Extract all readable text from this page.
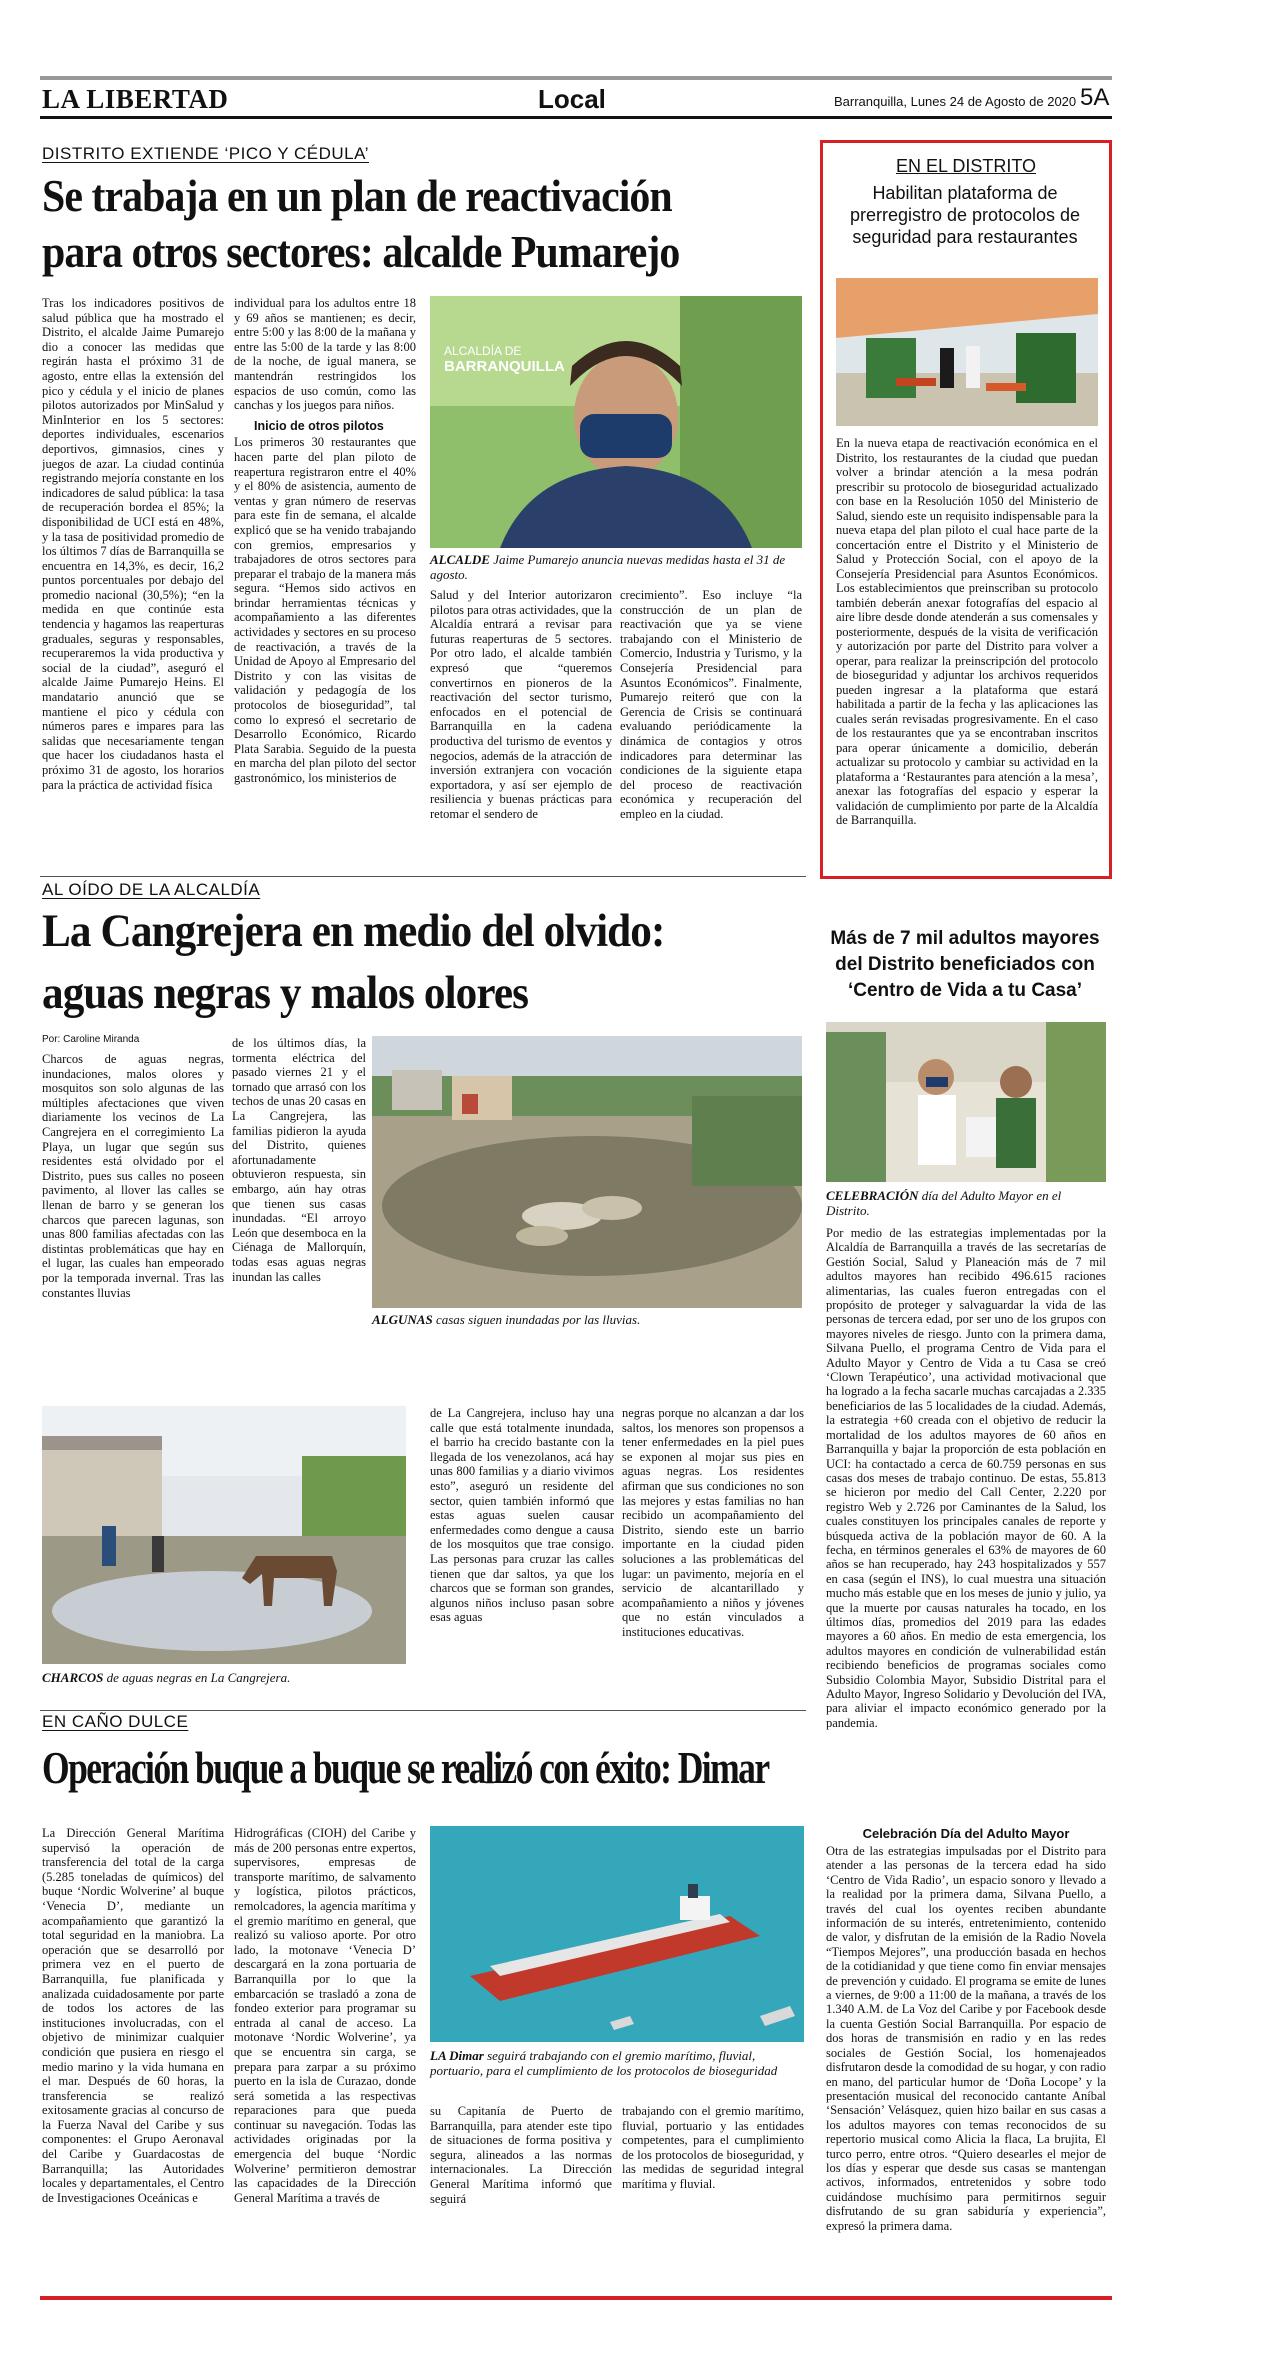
LA LIBERTAD	Local	Barranquilla, Lunes 24 de Agosto de 2020 5A
DISTRITO EXTIENDE ‘PICO Y CÉDULA’
Se trabaja en un plan de reactivación
para otros sectores: alcalde Pumarejo

Tras los indicadores positivos de salud pública que ha mostrado el Distrito, el alcalde Jaime Pumarejo dio a conocer las medidas que regirán hasta el próximo 31 de agosto, entre ellas la extensión del pico y cédula y el inicio de planes pilotos autorizados por MinSalud y MinInterior en los 5 sectores: deportes individuales, escenarios deportivos, gimnasios, cines y juegos de azar. La ciudad continúa registrando mejoría constante en los indicadores de salud pública: la tasa de recuperación bordea el 85%; la disponibilidad de UCI está en 48%, y la tasa de positividad promedio de los últimos 7 días de Barranquilla se encuentra en 14,3%, es decir, 16,2 puntos porcentuales por debajo del promedio nacional (30,5%); “en la medida en que continúe esta tendencia y hagamos las reaperturas graduales, seguras y responsables, recuperaremos la vida productiva y social de la ciudad”, aseguró el alcalde Jaime Pumarejo Heins. El mandatario anunció que se mantiene el pico y cédula con números pares e impares para las salidas que necesariamente tengan que hacer los ciudadanos hasta el próximo 31 de agosto, los horarios para la práctica de actividad física

individual para los adultos entre 18 y 69 años se mantienen; es decir, entre 5:00 y las 8:00 de la mañana y entre las 5:00 de la tarde y las 8:00 de la noche, de igual manera, se mantendrán restringidos los espacios de uso común, como las canchas y los juegos para niños.

Inicio de otros pilotos

Los primeros 30 restaurantes que hacen parte del plan piloto de reapertura registraron entre el 40% y el 80% de asistencia, aumento de ventas y gran número de reservas para este fin de semana, el alcalde explicó que se ha venido trabajando con gremios, empresarios y trabajadores de otros sectores para preparar el trabajo de la manera más segura. “Hemos sido activos en brindar herramientas técnicas y acompañamiento a las diferentes actividades y sectores en su proceso de reactivación, a través de la Unidad de Apoyo al Empresario del Distrito y con las visitas de validación y pedagogía de los protocolos de bioseguridad”, tal como lo expresó el secretario de Desarrollo Económico, Ricardo Plata Sarabia. Seguido de la puesta en marcha del plan piloto del sector gastronómico, los ministerios de

ALCALDÍA DE
BARRANQUILLA
ALCALDE Jaime Pumarejo anuncia nuevas medidas hasta el 31 de agosto.

Salud y del Interior autorizaron pilotos para otras actividades, que la Alcaldía entrará a revisar para futuras reaperturas de 5 sectores. Por otro lado, el alcalde también expresó que “queremos convertirnos en pioneros de la reactivación del sector turismo, enfocados en el potencial de Barranquilla en la cadena productiva del turismo de eventos y negocios, además de la atracción de inversión extranjera con vocación exportadora, y así ser ejemplo de resiliencia y buenas prácticas para retomar el sendero de

crecimiento”. Eso incluye “la construcción de un plan de reactivación que ya se viene trabajando con el Ministerio de Comercio, Industria y Turismo, y la Consejería Presidencial para Asuntos Económicos”. Finalmente, Pumarejo reiteró que con la Gerencia de Crisis se continuará evaluando periódicamente la dinámica de contagios y otros indicadores para determinar las condiciones de la siguiente etapa del proceso de reactivación económica y recuperación del empleo en la ciudad.

EN EL DISTRITO
Habilitan plataforma de prerregistro de protocolos de seguridad para restaurantes

En la nueva etapa de reactivación económica en el Distrito, los restaurantes de la ciudad que puedan volver a brindar atención a la mesa podrán prescribir su protocolo de bioseguridad actualizado con base en la Resolución 1050 del Ministerio de Salud, siendo este un requisito indispensable para la nueva etapa del plan piloto el cual hace parte de la concertación entre el Distrito y el Ministerio de Salud y Protección Social, con el apoyo de la Consejería Presidencial para Asuntos Económicos. Los establecimientos que preinscriban su protocolo también deberán anexar fotografías del espacio al aire libre desde donde atenderán a sus comensales y posteriormente, después de la visita de verificación y autorización por parte del Distrito para volver a operar, para realizar la preinscripción del protocolo de bioseguridad y adjuntar los archivos requeridos pueden ingresar a la plataforma que estará habilitada a partir de la fecha y las aplicaciones las cuales serán revisadas progresivamente. En el caso de los restaurantes que ya se encontraban inscritos para operar únicamente a domicilio, deberán actualizar su protocolo y cambiar su actividad en la plataforma a ‘Restaurantes para atención a la mesa’, anexar las fotografías del espacio y esperar la validación de cumplimiento por parte de la Alcaldía de Barranquilla.

AL OÍDO DE LA ALCALDÍA
La Cangrejera en medio del olvido:
aguas negras y malos olores
Por: Caroline Miranda

Charcos de aguas negras, inundaciones, malos olores y mosquitos son solo algunas de las múltiples afectaciones que viven diariamente los vecinos de La Cangrejera en el corregimiento La Playa, un lugar que según sus residentes está olvidado por el Distrito, pues sus calles no poseen pavimento, al llover las calles se llenan de barro y se generan los charcos que parecen lagunas, son unas 800 familias afectadas con las distintas problemáticas que hay en el lugar, las cuales han empeorado por la temporada invernal. Tras las constantes lluvias

de los últimos días, la tormenta eléctrica del pasado viernes 21 y el tornado que arrasó con los techos de unas 20 casas en La Cangrejera, las familias pidieron la ayuda del Distrito, quienes afortunadamente obtuvieron respuesta, sin embargo, aún hay otras que tienen sus casas inundadas. “El arroyo León que desemboca en la Ciénaga de Mallorquín, todas esas aguas negras inundan las calles

ALGUNAS casas siguen inundadas por las lluvias.
CHARCOS de aguas negras en La Cangrejera.

de La Cangrejera, incluso hay una calle que está totalmente inundada, el barrio ha crecido bastante con la llegada de los venezolanos, acá hay unas 800 familias y a diario vivimos esto”, aseguró un residente del sector, quien también informó que estas aguas suelen causar enfermedades como dengue a causa de los mosquitos que trae consigo. Las personas para cruzar las calles tienen que dar saltos, ya que los charcos que se forman son grandes, algunos niños incluso pasan sobre esas aguas

negras porque no alcanzan a dar los saltos, los menores son propensos a tener enfermedades en la piel pues se exponen al mojar sus pies en aguas negras. Los residentes afirman que sus condiciones no son las mejores y estas familias no han recibido un acompañamiento del Distrito, siendo este un barrio importante en la ciudad piden soluciones a las problemáticas del lugar: un pavimento, mejoría en el servicio de alcantarillado y acompañamiento a niños y jóvenes que no están vinculados a instituciones educativas.

Más de 7 mil adultos mayores del Distrito beneficiados con ‘Centro de Vida a tu Casa’
CELEBRACIÓN día del Adulto Mayor en el Distrito.

Por medio de las estrategias implementadas por la Alcaldía de Barranquilla a través de las secretarías de Gestión Social, Salud y Planeación más de 7 mil adultos mayores han recibido 496.615 raciones alimentarias, las cuales fueron entregadas con el propósito de proteger y salvaguardar la vida de las personas de tercera edad, por ser uno de los grupos con mayores niveles de riesgo. Junto con la primera dama, Silvana Puello, el programa Centro de Vida para el Adulto Mayor y Centro de Vida a tu Casa se creó ‘Clown Terapéutico’, una actividad motivacional que ha logrado a la fecha sacarle muchas carcajadas a 2.335 beneficiarios de las 5 localidades de la ciudad. Además, la estrategia +60 creada con el objetivo de reducir la mortalidad de los adultos mayores de 60 años en Barranquilla y bajar la proporción de esta población en UCI: ha contactado a cerca de 60.759 personas en sus casas dos meses de trabajo continuo. De estas, 55.813 se hicieron por medio del Call Center, 2.220 por registro Web y 2.726 por Caminantes de la Salud, los cuales constituyen los principales canales de reporte y búsqueda activa de la población mayor de 60. A la fecha, en términos generales el 63% de mayores de 60 años se han recuperado, hay 243 hospitalizados y 557 en casa (según el INS), lo cual muestra una situación mucho más estable que en los meses de junio y julio, ya que la muerte por causas naturales ha tocado, en los últimos días, promedios del 2019 para las edades mayores a 60 años. En medio de esta emergencia, los adultos mayores en condición de vulnerabilidad están recibiendo beneficios de programas sociales como Subsidio Colombia Mayor, Subsidio Distrital para el Adulto Mayor, Ingreso Solidario y Devolución del IVA, para aliviar el impacto económico generado por la pandemia.

Celebración Día del Adulto Mayor

Otra de las estrategias impulsadas por el Distrito para atender a las personas de la tercera edad ha sido ‘Centro de Vida Radio’, un espacio sonoro y llevado a la realidad por la primera dama, Silvana Puello, a través del cual los oyentes reciben abundante información de su interés, entretenimiento, contenido de valor, y disfrutan de la emisión de la Radio Novela “Tiempos Mejores”, una producción basada en hechos de la cotidianidad y que tiene como fin enviar mensajes de prevención y cuidado. El programa se emite de lunes a viernes, de 9:00 a 11:00 de la mañana, a través de los 1.340 A.M. de La Voz del Caribe y por Facebook desde la cuenta Gestión Social Barranquilla. Por espacio de dos horas de transmisión en radio y en las redes sociales de Gestión Social, los homenajeados disfrutaron desde la comodidad de su hogar, y con radio en mano, del particular humor de ‘Doña Locope’ y la presentación musical del reconocido cantante Aníbal ‘Sensación’ Velásquez, quien hizo bailar en sus casas a los adultos mayores con temas reconocidos de su repertorio musical como Alicia la flaca, La brujita, El turco perro, entre otros. “Quiero desearles el mejor de los días y esperar que desde sus casas se mantengan activos, informados, entretenidos y sobre todo cuidándose muchísimo para permitirnos seguir disfrutando de su gran sabiduría y experiencia”, expresó la primera dama.

EN CAÑO DULCE
Operación buque a buque se realizó con éxito: Dimar

La Dirección General Marítima supervisó la operación de transferencia del total de la carga (5.285 toneladas de químicos) del buque ‘Nordic Wolverine’ al buque ‘Venecia D’, mediante un acompañamiento que garantizó la total seguridad en la maniobra. La operación que se desarrolló por primera vez en el puerto de Barranquilla, fue planificada y analizada cuidadosamente por parte de todos los actores de las instituciones involucradas, con el objetivo de minimizar cualquier condición que pusiera en riesgo el medio marino y la vida humana en el mar. Después de 60 horas, la transferencia se realizó exitosamente gracias al concurso de la Fuerza Naval del Caribe y sus componentes: el Grupo Aeronaval del Caribe y Guardacostas de Barranquilla; las Autoridades locales y departamentales, el Centro de Investigaciones Oceánicas e

Hidrográficas (CIOH) del Caribe y más de 200 personas entre expertos, supervisores, empresas de transporte marítimo, de salvamento y logística, pilotos prácticos, remolcadores, la agencia marítima y el gremio marítimo en general, que realizó su valioso aporte. Por otro lado, la motonave ‘Venecia D’ descargará en la zona portuaria de Barranquilla por lo que la embarcación se trasladó a zona de fondeo exterior para programar su entrada al canal de acceso. La motonave ‘Nordic Wolverine’, ya que se encuentra sin carga, se prepara para zarpar a su próximo puerto en la isla de Curazao, donde será sometida a las respectivas reparaciones para que pueda continuar su navegación. Todas las actividades originadas por la emergencia del buque ‘Nordic Wolverine’ permitieron demostrar las capacidades de la Dirección General Marítima a través de

LA Dimar seguirá trabajando con el gremio marítimo, fluvial, portuario, para el cumplimiento de los protocolos de bioseguridad

su Capitanía de Puerto de Barranquilla, para atender este tipo de situaciones de forma positiva y segura, alineados a las normas internacionales. La Dirección General Marítima informó que seguirá

trabajando con el gremio marítimo, fluvial, portuario y las entidades competentes, para el cumplimiento de los protocolos de bioseguridad, y las medidas de seguridad integral marítima y fluvial.
